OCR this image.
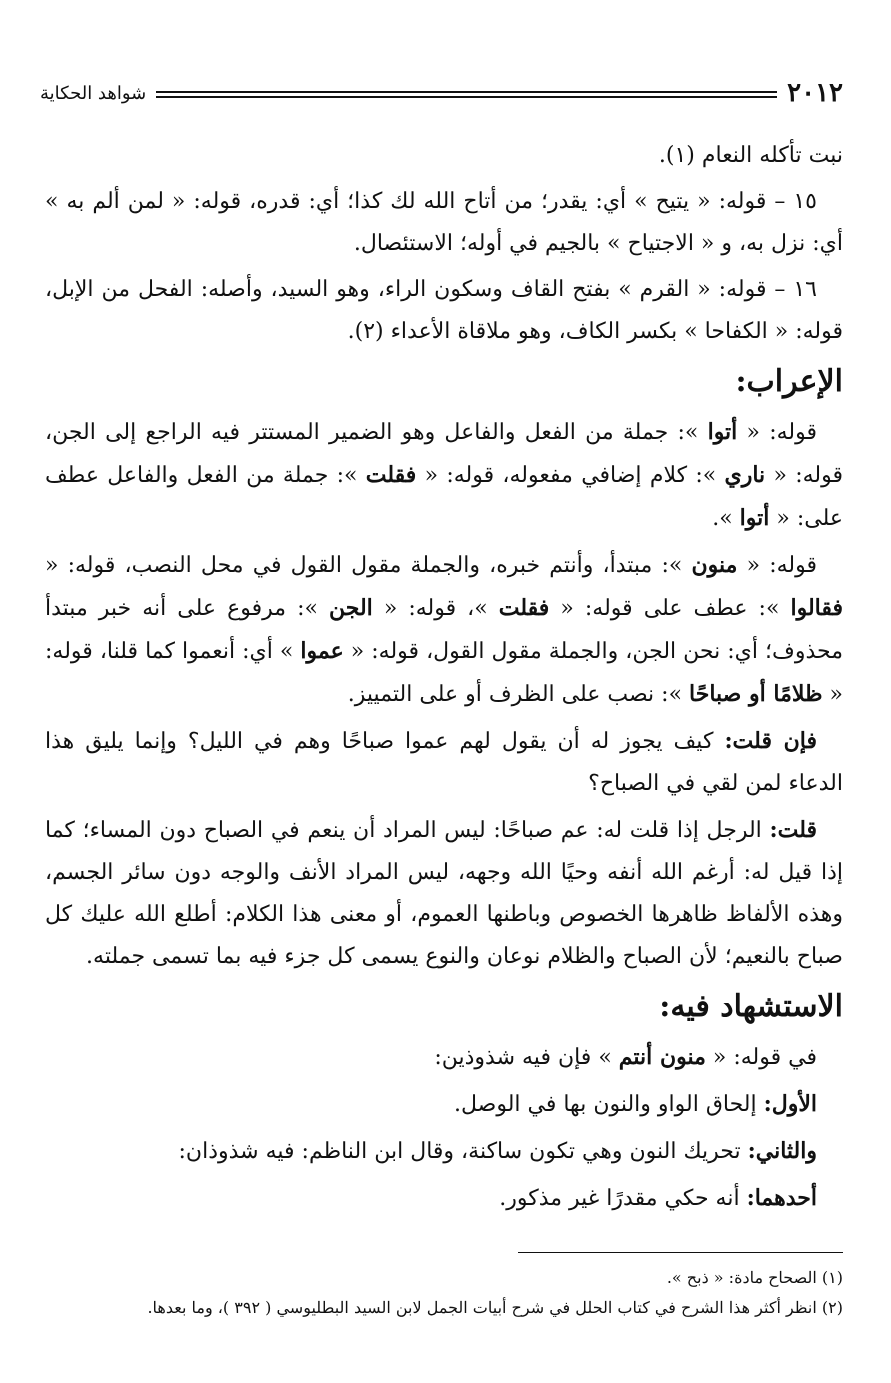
٢٠١٢
شواهد الحكاية

نبت تأكله النعام (١).

١٥ – قوله: « يتيح » أي: يقدر؛ من أتاح الله لك كذا؛ أي: قدره، قوله: « لمن ألم به » أي: نزل به، و « الاجتياح » بالجيم في أوله؛ الاستئصال.

١٦ – قوله: « القرم » بفتح القاف وسكون الراء، وهو السيد، وأصله: الفحل من الإبل، قوله: « الكفاحا » بكسر الكاف، وهو ملاقاة الأعداء (٢).

الإعراب:

قوله: « أتوا »: جملة من الفعل والفاعل وهو الضمير المستتر فيه الراجع إلى الجن، قوله: « ناري »: كلام إضافي مفعوله، قوله: « فقلت »: جملة من الفعل والفاعل عطف على: « أتوا ».

قوله: « منون »: مبتدأ، وأنتم خبره، والجملة مقول القول في محل النصب، قوله: « فقالوا »: عطف على قوله: « فقلت »، قوله: « الجن »: مرفوع على أنه خبر مبتدأ محذوف؛ أي: نحن الجن، والجملة مقول القول، قوله: « عموا » أي: أنعموا كما قلنا، قوله: « ظلامًا أو صباحًا »: نصب على الظرف أو على التمييز.

فإن قلت: كيف يجوز له أن يقول لهم عموا صباحًا وهم في الليل؟ وإنما يليق هذا الدعاء لمن لقي في الصباح؟

قلت: الرجل إذا قلت له: عم صباحًا: ليس المراد أن ينعم في الصباح دون المساء؛ كما إذا قيل له: أرغم الله أنفه وحيًا الله وجهه، ليس المراد الأنف والوجه دون سائر الجسم، وهذه الألفاظ ظاهرها الخصوص وباطنها العموم، أو معنى هذا الكلام: أطلع الله عليك كل صباح بالنعيم؛ لأن الصباح والظلام نوعان والنوع يسمى كل جزء فيه بما تسمى جملته.

الاستشهاد فيه:

في قوله: « منون أنتم » فإن فيه شذوذين:

الأول: إلحاق الواو والنون بها في الوصل.

والثاني: تحريك النون وهي تكون ساكنة، وقال ابن الناظم: فيه شذوذان:

أحدهما: أنه حكي مقدرًا غير مذكور.

(١) الصحاح مادة: « ذبح ».

(٢) انظر أكثر هذا الشرح في كتاب الحلل في شرح أبيات الجمل لابن السيد البطليوسي ( ٣٩٢ )، وما بعدها.
